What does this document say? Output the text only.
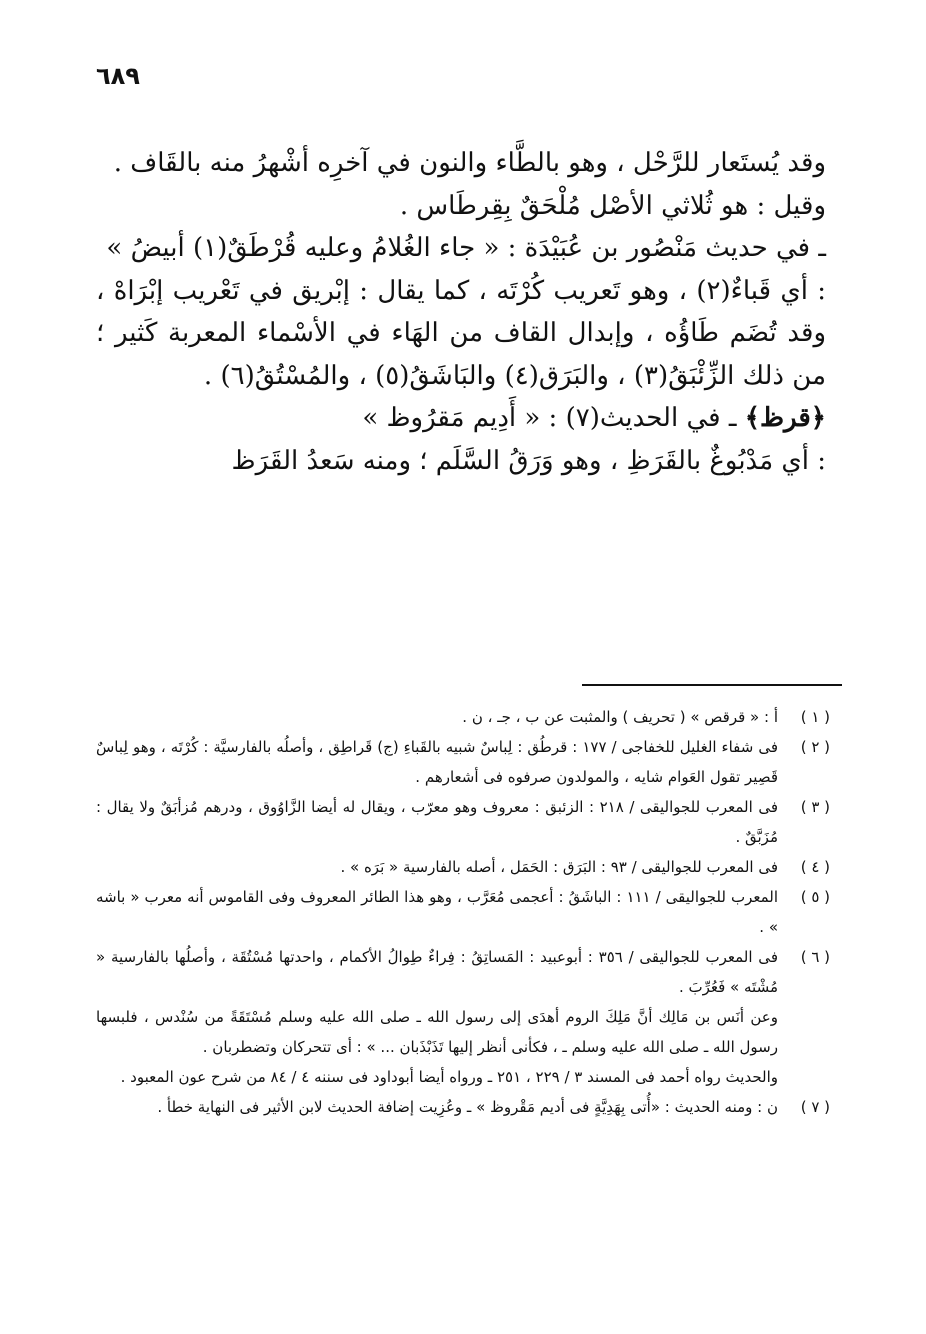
٦٨٩

وقد يُستَعار للرَّحْل ، وهو بالطَّاء والنون في آخرِه أشْهرُ منه بالقَاف .

وقيل : هو ثُلاثي الأصْل مُلْحَقٌ بِقِرطَاس .

ـ في حديث مَنْصُور بن عُبَيْدَة : « جاء الغُلامُ وعليه قُرْطَقٌ(١) أبيضُ »

: أي قَباءٌ(٢) ، وهو تَعريب كُرْتَه ، كما يقال : إبْريق في تَعْريب إبْرَاهْ ، وقد تُضَم طَاؤُه ، وإبدال القاف من الهَاء في الأسْماء المعربة كَثير ؛ من ذلك الزِّئْبَقُ(٣) ، والبَرَق(٤) والبَاشَقُ(٥) ، والمُسْتُقُ(٦) .

﴿قرظ﴾ ـ في الحديث(٧) : « أَدِيم مَقرُوظ »

: أي مَدْبُوغٌ بالقَرَظِ ، وهو وَرَقُ السَّلَم ؛ ومنه سَعدُ القَرَظ

( ١ )

أ : « قرقص » ( تحريف ) والمثبت عن ب ، جـ ، ن .

( ٢ )

فى شفاء الغليل للخفاجى / ١٧٧ : قرطُق : لِباسٌ شبيه بالقَباءِ (ج) قَراطِق ، وأصلُه بالفارسيَّة : كُرْتَه ، وهو لِباسٌ قَصِير تقول العَوام شايه ، والمولدون صرفوه فى أشعارهم .

( ٣ )

فى المعرب للجواليقى / ٢١٨ : الزئبق : معروف وهو معرّب ، ويقال له أيضا الزَّاوُوق ، ودرهم مُزأبَقٌ ولا يقال : مُزَبَّقٌ .

( ٤ )

فى المعرب للجواليقى / ٩٣ : البَرَق : الحَمَل ، أصله بالفارسية « بَرَه » .

( ٥ )

المعرب للجواليقى / ١١١ : الباشَقُ : أعجمى مُعَرَّب ، وهو هذا الطائر المعروف وفى القاموس أنه معرب « باشه » .

( ٦ )

فى المعرب للجواليقى / ٣٥٦ : أبوعبيد : المَساتِقُ : فِراءٌ طِوالُ الأكمام ، واحدتها مُسْتُقَة ، وأصلُها بالفارسية « مُشْتَه » فَعُرِّبَ .

وعن أنَس بن مَالِك أنَّ مَلِكَ الروم أهدَى إلى رسول الله ـ صلى الله عليه وسلم مُسْتَقَةً من سُنْدس ، فلبسها رسول الله ـ صلى الله عليه وسلم ـ ، فكأنى أنظر إليها تَذَبْذَبان ... » : أى تتحركان وتضطربان .

والحديث رواه أحمد فى المسند ٣ / ٢٢٩ ، ٢٥١ ـ ورواه أيضا أبوداود فى سننه ٤ / ٨٤ من شرح عون المعبود .

( ٧ )

ن : ومنه الحديث : «أُتى بِهَدِيَّةٍ فى أديم مَقْروظ » ـ وعُزِيت إضافة الحديث لابن الأثير فى النهاية خطأ .
